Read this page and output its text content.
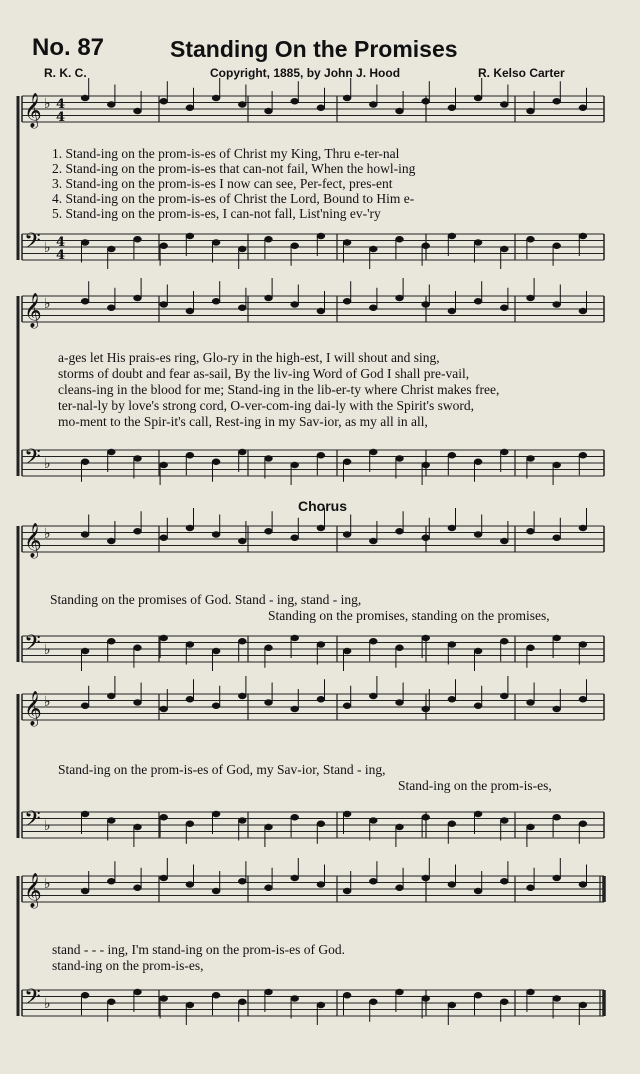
No. 87	Standing On the Promises
R. K. C.	Copyright, 1885, by John J. Hood	R. Kelso Carter
𝄞
𝄢
♭
♭
𝄞
𝄢
♭
♭
𝄞
𝄢
♭
♭
𝄞
𝄢
♭
♭
𝄞
𝄢
♭
♭
4
4
4
4
1. Stand-ing on the prom-is-es of Christ my King, Thru e-ter-nal
2. Stand-ing on the prom-is-es that can-not fail, When the howl-ing
3. Stand-ing on the prom-is-es I now can see, Per-fect, pres-ent
4. Stand-ing on the prom-is-es of Christ the Lord, Bound to Him e-
5. Stand-ing on the prom-is-es, I can-not fall, List'ning ev-'ry
a-ges let His prais-es ring, Glo-ry in the high-est, I will shout and sing,
storms of doubt and fear as-sail, By the liv-ing Word of God I shall pre-vail,
cleans-ing in the blood for me; Stand-ing in the lib-er-ty where Christ makes free,
ter-nal-ly by love's strong cord, O-ver-com-ing dai-ly with the Spirit's sword,
mo-ment to the Spir-it's call, Rest-ing in my Sav-ior, as my all in all,
Chorus
Standing on the promises of God. Stand - ing, stand - ing,
Standing on the promises, standing on the promises,
Stand-ing on the prom-is-es of God, my Sav-ior, Stand - ing,
Stand-ing on the prom-is-es,
stand - - - ing, I'm stand-ing on the prom-is-es of God.
stand-ing on the prom-is-es,
